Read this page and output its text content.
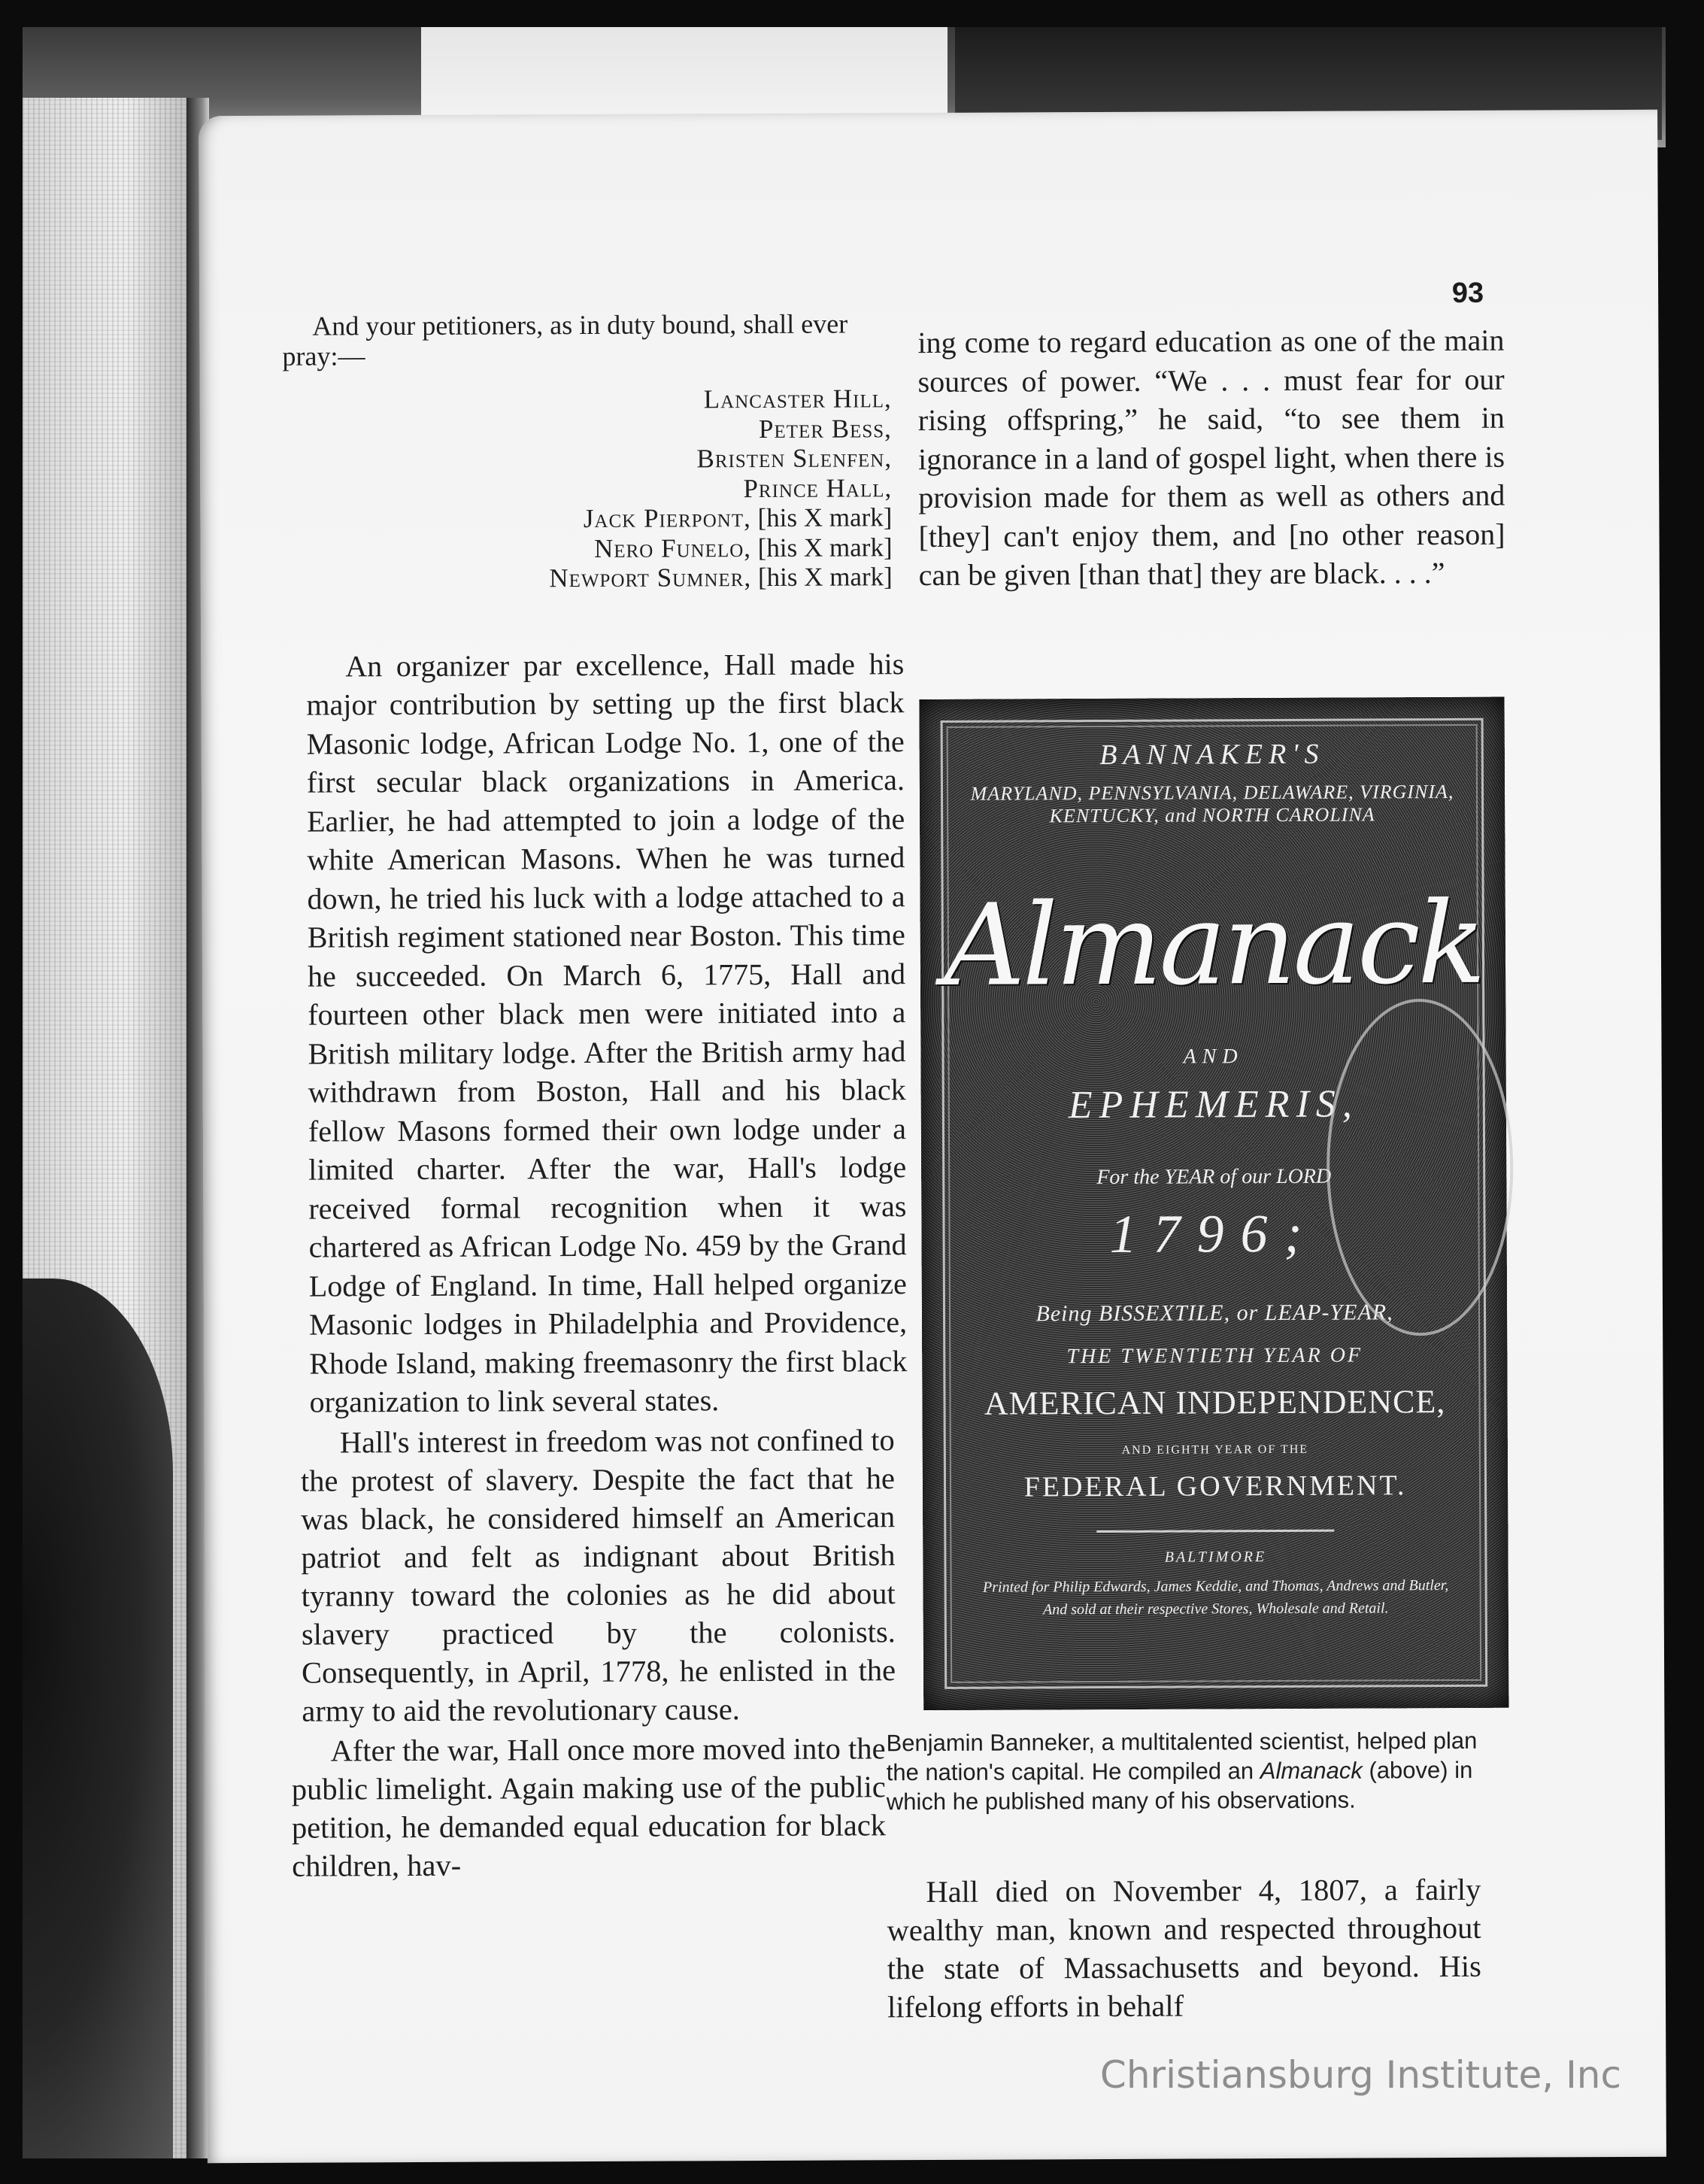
93

And your petitioners, as in duty bound, shall ever pray:—

Lancaster Hill,
Peter Bess,
Bristen Slenfen,
Prince Hall,
Jack Pierpont, [his X mark]
Nero Funelo, [his X mark]
Newport Sumner, [his X mark]

An organizer par excellence, Hall made his major contribution by setting up the first black Masonic lodge, African Lodge No. 1, one of the first secular black organizations in America. Earlier, he had attempted to join a lodge of the white American Masons. When he was turned down, he tried his luck with a lodge attached to a British regiment stationed near Boston. This time he succeeded. On March 6, 1775, Hall and fourteen other black men were initiated into a British military lodge. After the British army had withdrawn from Boston, Hall and his black fellow Masons formed their own lodge under a limited charter. After the war, Hall's lodge received formal recognition when it was chartered as African Lodge No. 459 by the Grand Lodge of England. In time, Hall helped organize Masonic lodges in Philadelphia and Providence, Rhode Island, making freemasonry the first black organization to link several states.

Hall's interest in freedom was not confined to the protest of slavery. Despite the fact that he was black, he considered himself an American patriot and felt as indignant about British tyranny toward the colonies as he did about slavery practiced by the colonists. Consequently, in April, 1778, he enlisted in the army to aid the revolutionary cause.

After the war, Hall once more moved into the public limelight. Again making use of the public petition, he demanded equal education for black children, hav-

ing come to regard education as one of the main sources of power. “We . . . must fear for our rising offspring,” he said, “to see them in ignorance in a land of gospel light, when there is provision made for them as well as others and [they] can't enjoy them, and [no other reason] can be given [than that] they are black. . . .”

BANNAKER'S
MARYLAND, PENNSYLVANIA, DELAWARE, VIRGINIA, KENTUCKY, and NORTH CAROLINA
Almanack
AND
EPHEMERIS,
For the YEAR of our LORD
1796;
Being BISSEXTILE, or LEAP-YEAR,
THE TWENTIETH YEAR OF
AMERICAN INDEPENDENCE,
AND EIGHTH YEAR OF THE
FEDERAL GOVERNMENT.
BALTIMORE
Printed for Philip Edwards, James Keddie, and Thomas, Andrews and Butler, And sold at their respective Stores, Wholesale and Retail.
Benjamin Banneker, a multitalented scientist, helped plan the nation's capital. He compiled an Almanack (above) in which he published many of his observations.

Hall died on November 4, 1807, a fairly wealthy man, known and respected throughout the state of Massachusetts and beyond. His lifelong efforts in behalf

Christiansburg Institute, Inc
